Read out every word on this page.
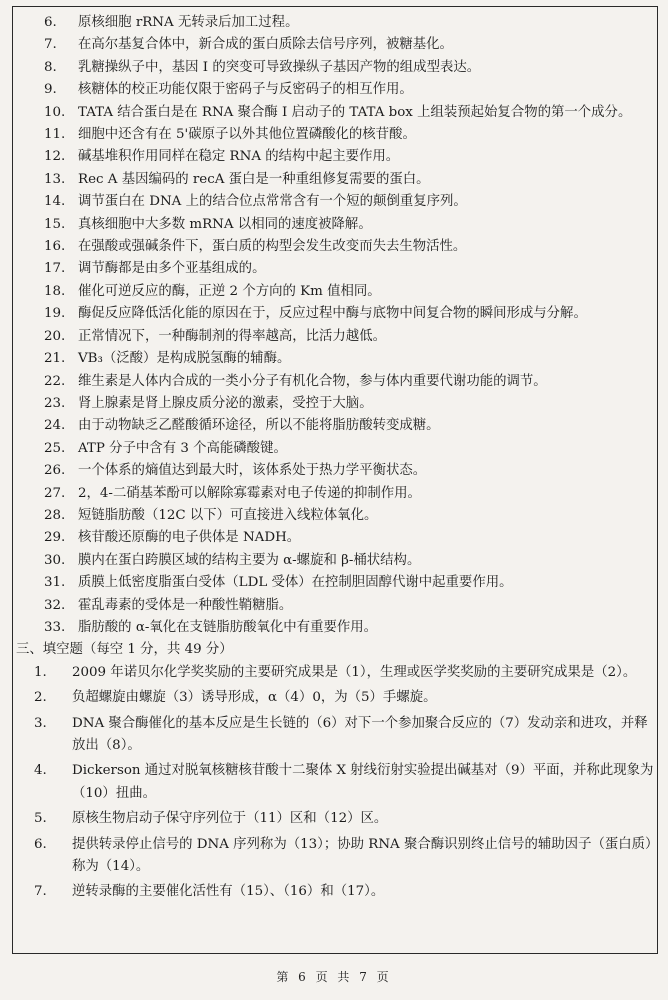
6. 原核细胞 rRNA 无转录后加工过程。
7. 在高尔基复合体中，新合成的蛋白质除去信号序列，被糖基化。
8. 乳糖操纵子中，基因 I 的突变可导致操纵子基因产物的组成型表达。
9. 核糖体的校正功能仅限于密码子与反密码子的相互作用。
10. TATA 结合蛋白是在 RNA 聚合酶 I 启动子的 TATA box 上组装预起始复合物的第一个成分。
11. 细胞中还含有在 5'碳原子以外其他位置磷酸化的核苷酸。
12. 碱基堆积作用同样在稳定 RNA 的结构中起主要作用。
13. Rec A 基因编码的 recA 蛋白是一种重组修复需要的蛋白。
14. 调节蛋白在 DNA 上的结合位点常常含有一个短的颠倒重复序列。
15. 真核细胞中大多数 mRNA 以相同的速度被降解。
16. 在强酸或强碱条件下，蛋白质的构型会发生改变而失去生物活性。
17. 调节酶都是由多个亚基组成的。
18. 催化可逆反应的酶，正逆 2 个方向的 Km 值相同。
19. 酶促反应降低活化能的原因在于，反应过程中酶与底物中间复合物的瞬间形成与分解。
20. 正常情况下，一种酶制剂的得率越高，比活力越低。
21. VB₃（泛酸）是构成脱氢酶的辅酶。
22. 维生素是人体内合成的一类小分子有机化合物，参与体内重要代谢功能的调节。
23. 肾上腺素是肾上腺皮质分泌的激素，受控于大脑。
24. 由于动物缺乏乙醛酸循环途径，所以不能将脂肪酸转变成糖。
25. ATP 分子中含有 3 个高能磷酸键。
26. 一个体系的熵值达到最大时，该体系处于热力学平衡状态。
27. 2，4-二硝基苯酚可以解除寡霉素对电子传递的抑制作用。
28. 短链脂肪酸（12C 以下）可直接进入线粒体氧化。
29. 核苷酸还原酶的电子供体是 NADH。
30. 膜内在蛋白跨膜区域的结构主要为 α-螺旋和 β-桶状结构。
31. 质膜上低密度脂蛋白受体（LDL 受体）在控制胆固醇代谢中起重要作用。
32. 霍乱毒素的受体是一种酸性鞘糖脂。
33. 脂肪酸的 α-氧化在支链脂肪酸氧化中有重要作用。
三、填空题（每空 1 分，共 49 分）
1. 2009 年诺贝尔化学奖奖励的主要研究成果是（1），生理或医学奖奖励的主要研究成果是（2）。
2. 负超螺旋由螺旋（3）诱导形成，α（4）0，为（5）手螺旋。
3. DNA 聚合酶催化的基本反应是生长链的（6）对下一个参加聚合反应的（7）发动亲和进攻，并释放出（8）。
4. Dickerson 通过对脱氧核糖核苷酸十二聚体 X 射线衍射实验提出碱基对（9）平面，并称此现象为（10）扭曲。
5. 原核生物启动子保守序列位于（11）区和（12）区。
6. 提供转录停止信号的 DNA 序列称为（13）；协助 RNA 聚合酶识别终止信号的辅助因子（蛋白质）称为（14）。
7. 逆转录酶的主要催化活性有（15）、（16）和（17）。
第 6 页 共 7 页
